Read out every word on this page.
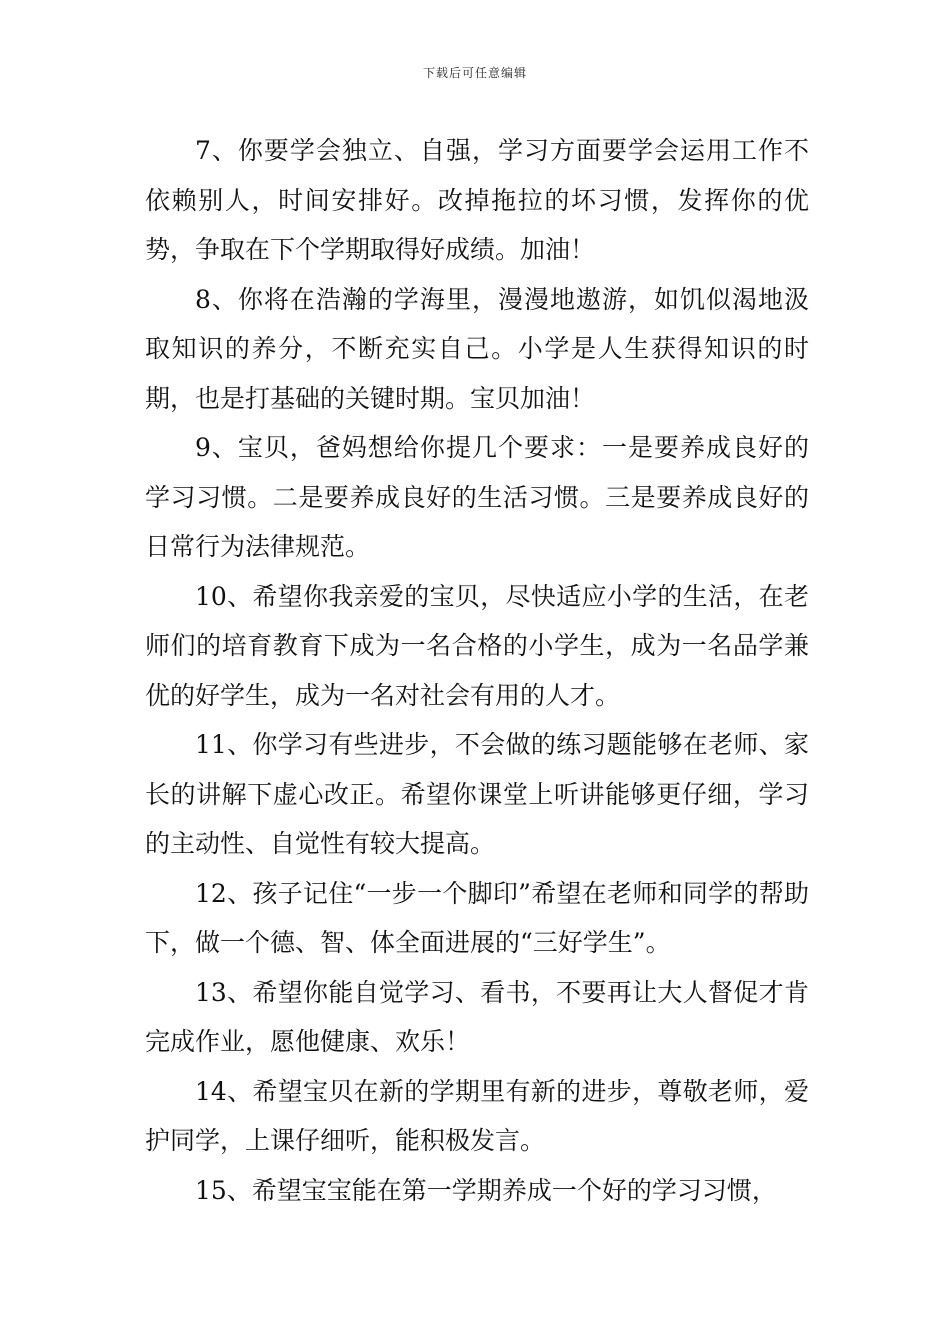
下载后可任意编辑

7、你要学会独立、自强，学习方面要学会运用工作不依赖别人，时间安排好。改掉拖拉的坏习惯，发挥你的优势，争取在下个学期取得好成绩。加油！

8、你将在浩瀚的学海里，漫漫地遨游，如饥似渴地汲取知识的养分，不断充实自己。小学是人生获得知识的时期，也是打基础的关键时期。宝贝加油！

9、宝贝，爸妈想给你提几个要求：一是要养成良好的学习习惯。二是要养成良好的生活习惯。三是要养成良好的日常行为法律规范。

10、希望你我亲爱的宝贝，尽快适应小学的生活，在老师们的培育教育下成为一名合格的小学生，成为一名品学兼优的好学生，成为一名对社会有用的人才。

11、你学习有些进步，不会做的练习题能够在老师、家长的讲解下虚心改正。希望你课堂上听讲能够更仔细，学习的主动性、自觉性有较大提高。

12、孩子记住“一步一个脚印”希望在老师和同学的帮助下，做一个德、智、体全面进展的“三好学生”。

13、希望你能自觉学习、看书，不要再让大人督促才肯完成作业，愿他健康、欢乐！

14、希望宝贝在新的学期里有新的进步，尊敬老师，爱护同学，上课仔细听，能积极发言。

15、希望宝宝能在第一学期养成一个好的学习习惯，
